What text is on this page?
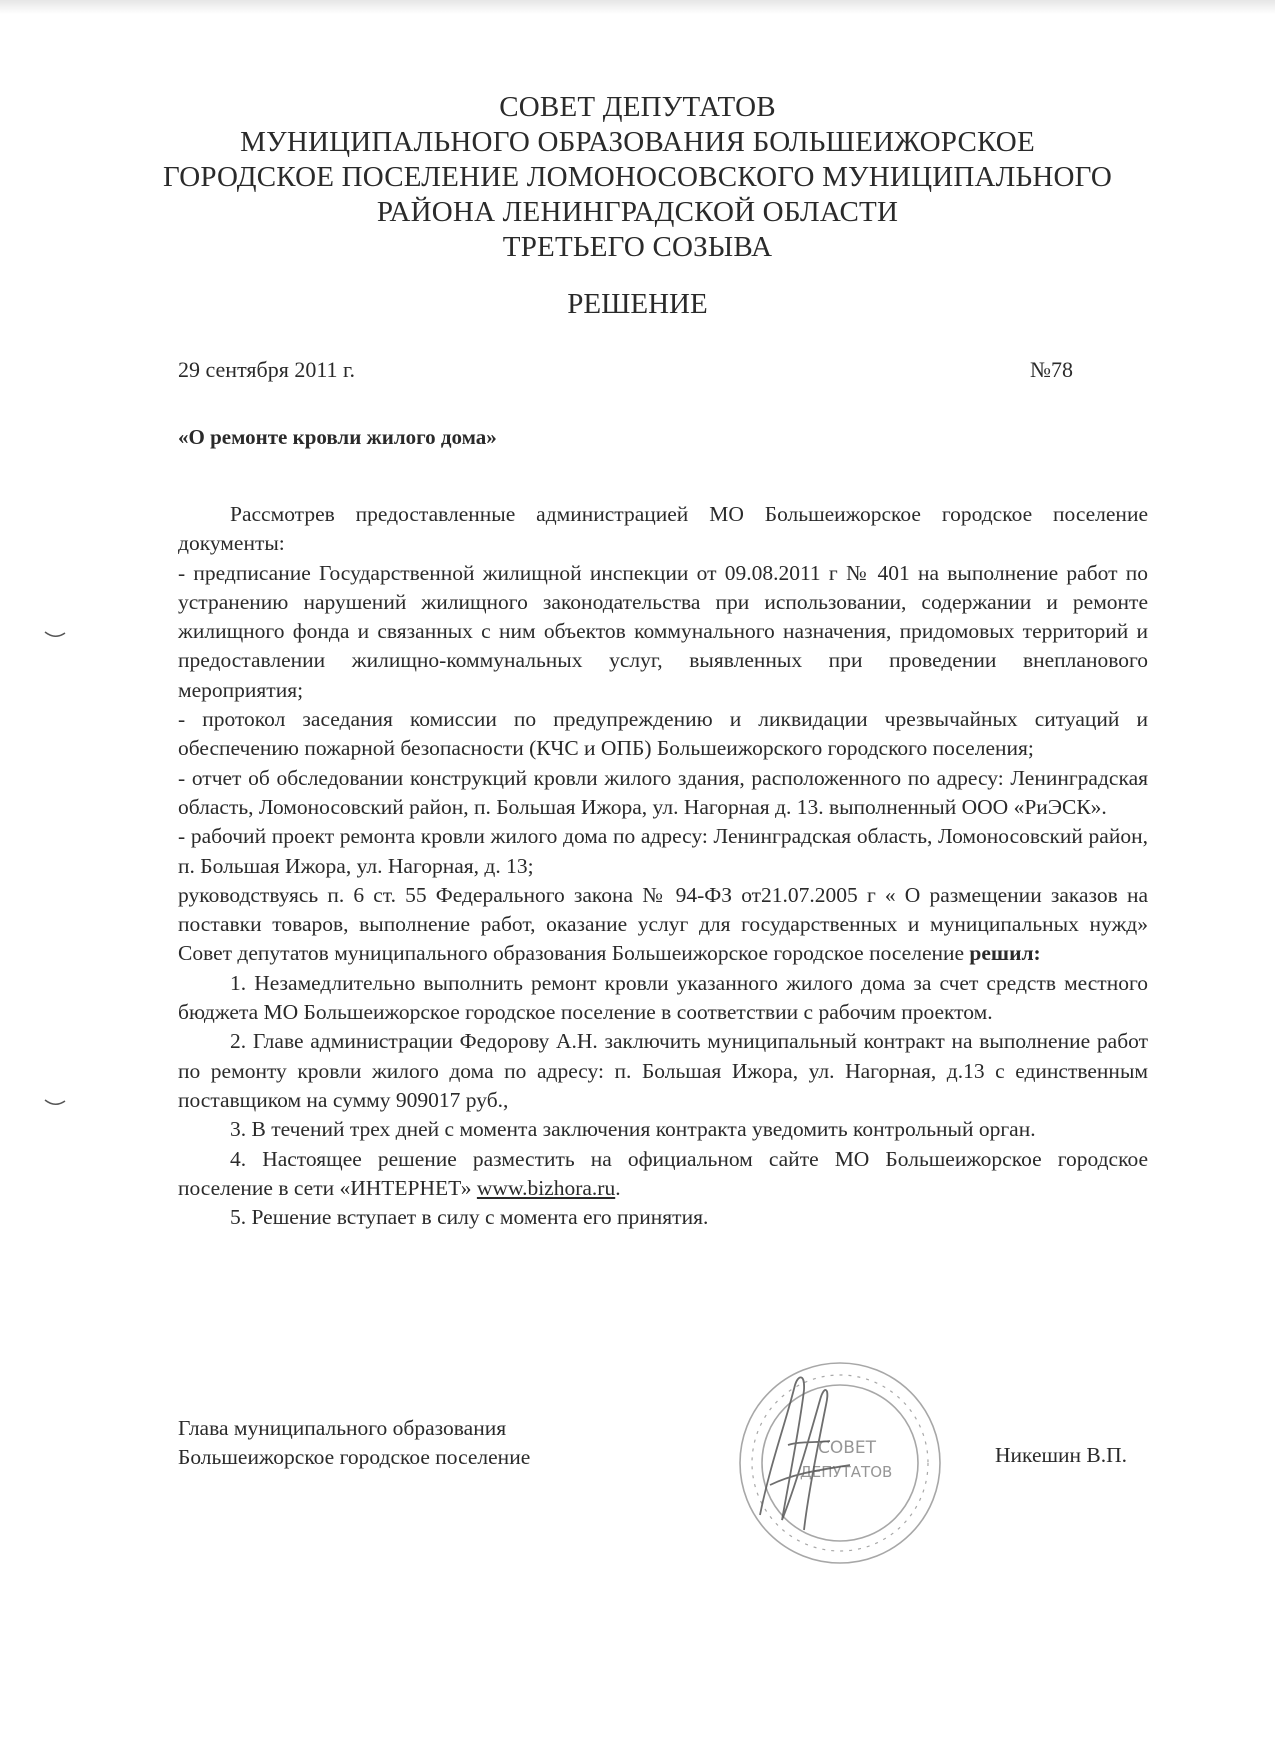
СОВЕТ ДЕПУТАТОВ
МУНИЦИПАЛЬНОГО ОБРАЗОВАНИЯ БОЛЬШЕИЖОРСКОЕ
ГОРОДСКОЕ ПОСЕЛЕНИЕ ЛОМОНОСОВСКОГО МУНИЦИПАЛЬНОГО
РАЙОНА ЛЕНИНГРАДСКОЙ ОБЛАСТИ
ТРЕТЬЕГО СОЗЫВА
РЕШЕНИЕ
29 сентября 2011 г.	№78
«О ремонте кровли жилого дома»

Рассмотрев предоставленные администрацией МО Большеижорское городское поселение документы:

- предписание Государственной жилищной инспекции от 09.08.2011 г № 401 на выполнение работ по устранению нарушений жилищного законодательства при использовании, содержании и ремонте жилищного фонда и связанных с ним объектов коммунального назначения, придомовых территорий и предоставлении жилищно-коммунальных услуг, выявленных при проведении внепланового мероприятия;

- протокол заседания комиссии по предупреждению и ликвидации чрезвычайных ситуаций и обеспечению пожарной безопасности (КЧС и ОПБ) Большеижорского городского поселения;

- отчет об обследовании конструкций кровли жилого здания, расположенного по адресу: Ленинградская область, Ломоносовский район, п. Большая Ижора, ул. Нагорная д. 13. выполненный ООО «РиЭСК».

- рабочий проект ремонта кровли жилого дома по адресу: Ленинградская область, Ломоносовский район, п. Большая Ижора, ул. Нагорная, д. 13;

руководствуясь п. 6 ст. 55 Федерального закона № 94-ФЗ от21.07.2005 г « О размещении заказов на поставки товаров, выполнение работ, оказание услуг для государственных и муниципальных нужд» Совет депутатов муниципального образования Большеижорское городское поселение решил:

1. Незамедлительно выполнить ремонт кровли указанного жилого дома за счет средств местного бюджета МО Большеижорское городское поселение в соответствии с рабочим проектом.

2. Главе администрации Федорову А.Н. заключить муниципальный контракт на выполнение работ по ремонту кровли жилого дома по адресу: п. Большая Ижора, ул. Нагорная, д.13 с единственным поставщиком на сумму 909017 руб.,

3. В течений трех дней с момента заключения контракта уведомить контрольный орган.

4. Настоящее решение разместить на официальном сайте МО Большеижорское городское поселение в сети «ИНТЕРНЕТ» www.bizhora.ru.

5. Решение вступает в силу с момента его принятия.

Глава муниципального образования
Большеижорское городское поселение	Никешин В.П.
СОВЕТ
ДЕПУТАТОВ
